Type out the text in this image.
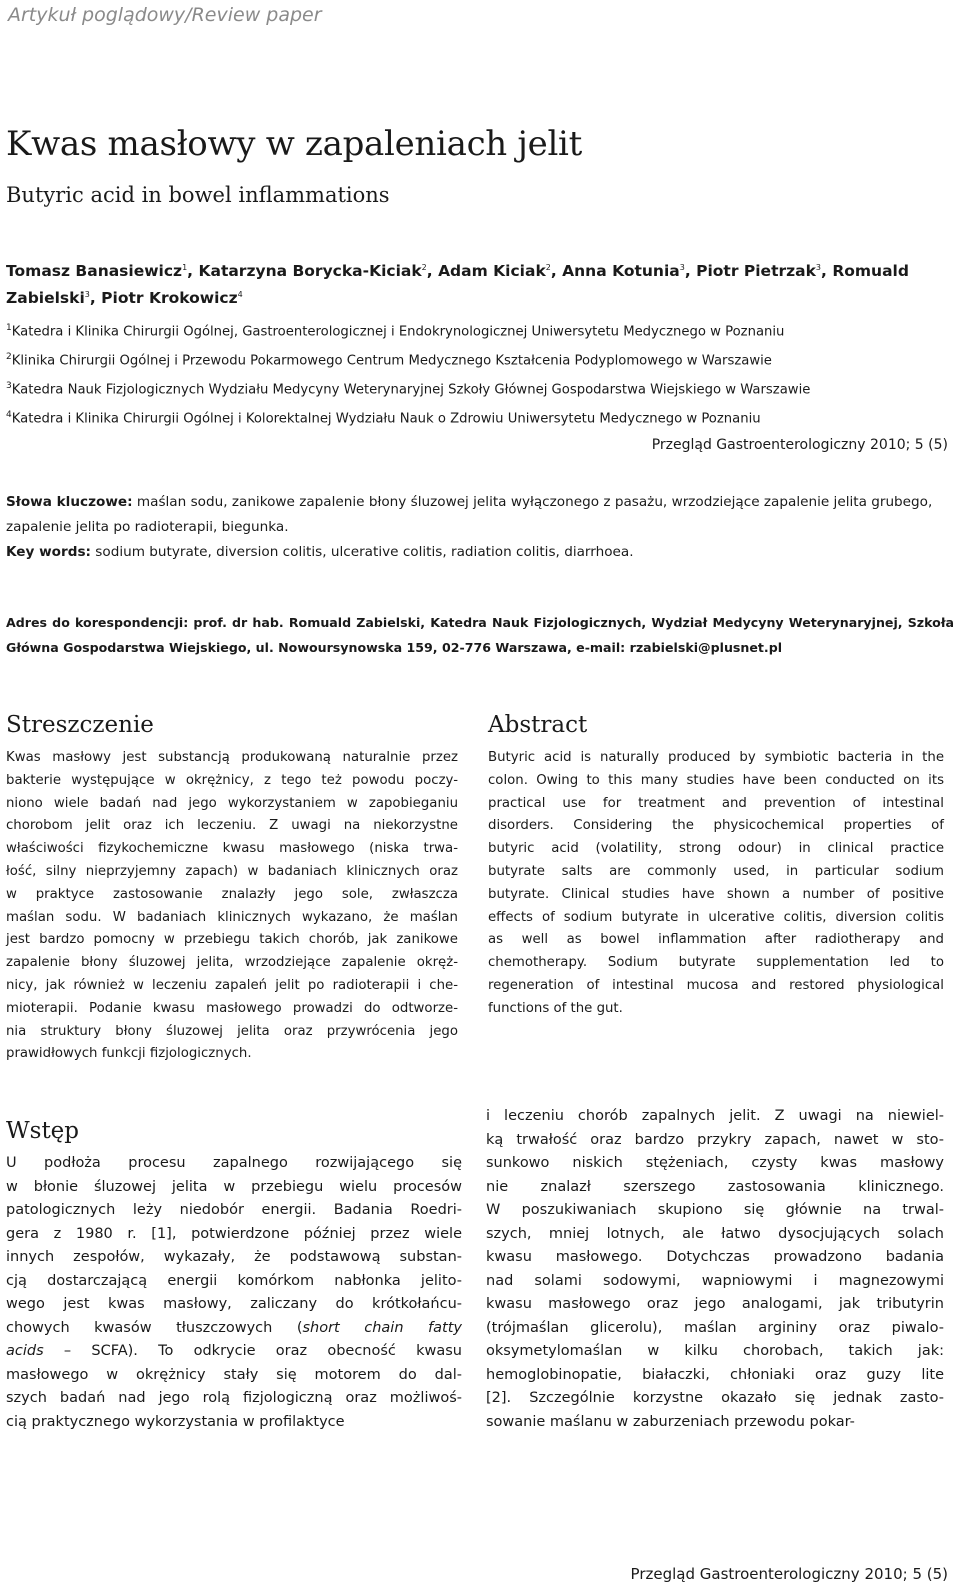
Artykuł poglądowy/Review paper
Kwas masłowy w zapaleniach jelit
Butyric acid in bowel inflammations
Tomasz Banasiewicz$^1$, Katarzyna Borycka-Kiciak$^2$, Adam Kiciak$^2$, Anna Kotunia$^3$, Piotr Pietrzak$^3$, Romuald Zabielski$^3$, Piotr Krokowicz$^4$
$^1$Katedra i Klinika Chirurgii Ogólnej, Gastroenterologicznej i Endokrynologicznej Uniwersytetu Medycznego w Poznaniu
$^2$Klinika Chirurgii Ogólnej i Przewodu Pokarmowego Centrum Medycznego Kształcenia Podyplomowego w Warszawie
$^3$Katedra Nauk Fizjologicznych Wydziału Medycyny Weterynaryjnej Szkoły Głównej Gospodarstwa Wiejskiego w Warszawie
$^4$Katedra i Klinika Chirurgii Ogólnej i Kolorektalnej Wydziału Nauk o Zdrowiu Uniwersytetu Medycznego w Poznaniu
Przegląd Gastroenterologiczny 2010; 5 (5)
Słowa kluczowe: maślan sodu, zanikowe zapalenie błony śluzowej jelita wyłączonego z pasażu, wrzodziejące zapalenie jelita grubego, zapalenie jelita po radioterapii, biegunka.
Key words: sodium butyrate, diversion colitis, ulcerative colitis, radiation colitis, diarrhoea.
Adres do korespondencji: prof. dr hab. Romuald Zabielski, Katedra Nauk Fizjologicznych, Wydział Medycyny Weterynaryjnej, Szkoła Główna Gospodarstwa Wiejskiego, ul. Nowoursynowska 159, 02-776 Warszawa, e-mail: rzabielski@plusnet.pl
Streszczenie
Kwas masłowy jest substancją produkowaną naturalnie przez
bakterie występujące w okrężnicy, z tego też powodu poczy-
niono wiele badań nad jego wykorzystaniem w zapobieganiu
chorobom jelit oraz ich leczeniu. Z uwagi na niekorzystne
właściwości fizykochemiczne kwasu masłowego (niska trwa-
łość, silny nieprzyjemny zapach) w badaniach klinicznych oraz
w praktyce zastosowanie znalazły jego sole, zwłaszcza
maślan sodu. W badaniach klinicznych wykazano, że maślan
jest bardzo pomocny w przebiegu takich chorób, jak zanikowe
zapalenie błony śluzowej jelita, wrzodziejące zapalenie okręż-
nicy, jak również w leczeniu zapaleń jelit po radioterapii i che-
mioterapii. Podanie kwasu masłowego prowadzi do odtworze-
nia struktury błony śluzowej jelita oraz przywrócenia jego
prawidłowych funkcji fizjologicznych.
Abstract
Butyric acid is naturally produced by symbiotic bacteria in the
colon. Owing to this many studies have been conducted on its
practical use for treatment and prevention of intestinal
disorders. Considering the physicochemical properties of
butyric acid (volatility, strong odour) in clinical practice
butyrate salts are commonly used, in particular sodium
butyrate. Clinical studies have shown a number of positive
effects of sodium butyrate in ulcerative colitis, diversion colitis
as well as bowel inflammation after radiotherapy and
chemotherapy. Sodium butyrate supplementation led to
regeneration of intestinal mucosa and restored physiological
functions of the gut.
Wstęp
U podłoża procesu zapalnego rozwijającego się
w błonie śluzowej jelita w przebiegu wielu procesów
patologicznych leży niedobór energii. Badania Roedri-
gera z 1980 r. [1], potwierdzone później przez wiele
innych zespołów, wykazały, że podstawową substan-
cją dostarczającą energii komórkom nabłonka jelito-
wego jest kwas masłowy, zaliczany do krótkołańcu-
chowych kwasów tłuszczowych (short chain fatty
acids – SCFA). To odkrycie oraz obecność kwasu
masłowego w okrężnicy stały się motorem do dal-
szych badań nad jego rolą fizjologiczną oraz możliwoś-
cią praktycznego wykorzystania w profilaktyce
i leczeniu chorób zapalnych jelit. Z uwagi na niewiel-
ką trwałość oraz bardzo przykry zapach, nawet w sto-
sunkowo niskich stężeniach, czysty kwas masłowy
nie znalazł szerszego zastosowania klinicznego.
W poszukiwaniach skupiono się głównie na trwal-
szych, mniej lotnych, ale łatwo dysocjujących solach
kwasu masłowego. Dotychczas prowadzono badania
nad solami sodowymi, wapniowymi i magnezowymi
kwasu masłowego oraz jego analogami, jak tributyrin
(trójmaślan glicerolu), maślan argininy oraz piwalo-
oksymetylomaślan w kilku chorobach, takich jak:
hemoglobinopatie, białaczki, chłoniaki oraz guzy lite
[2]. Szczególnie korzystne okazało się jednak zasto-
sowanie maślanu w zaburzeniach przewodu pokar-
Przegląd Gastroenterologiczny 2010; 5 (5)
